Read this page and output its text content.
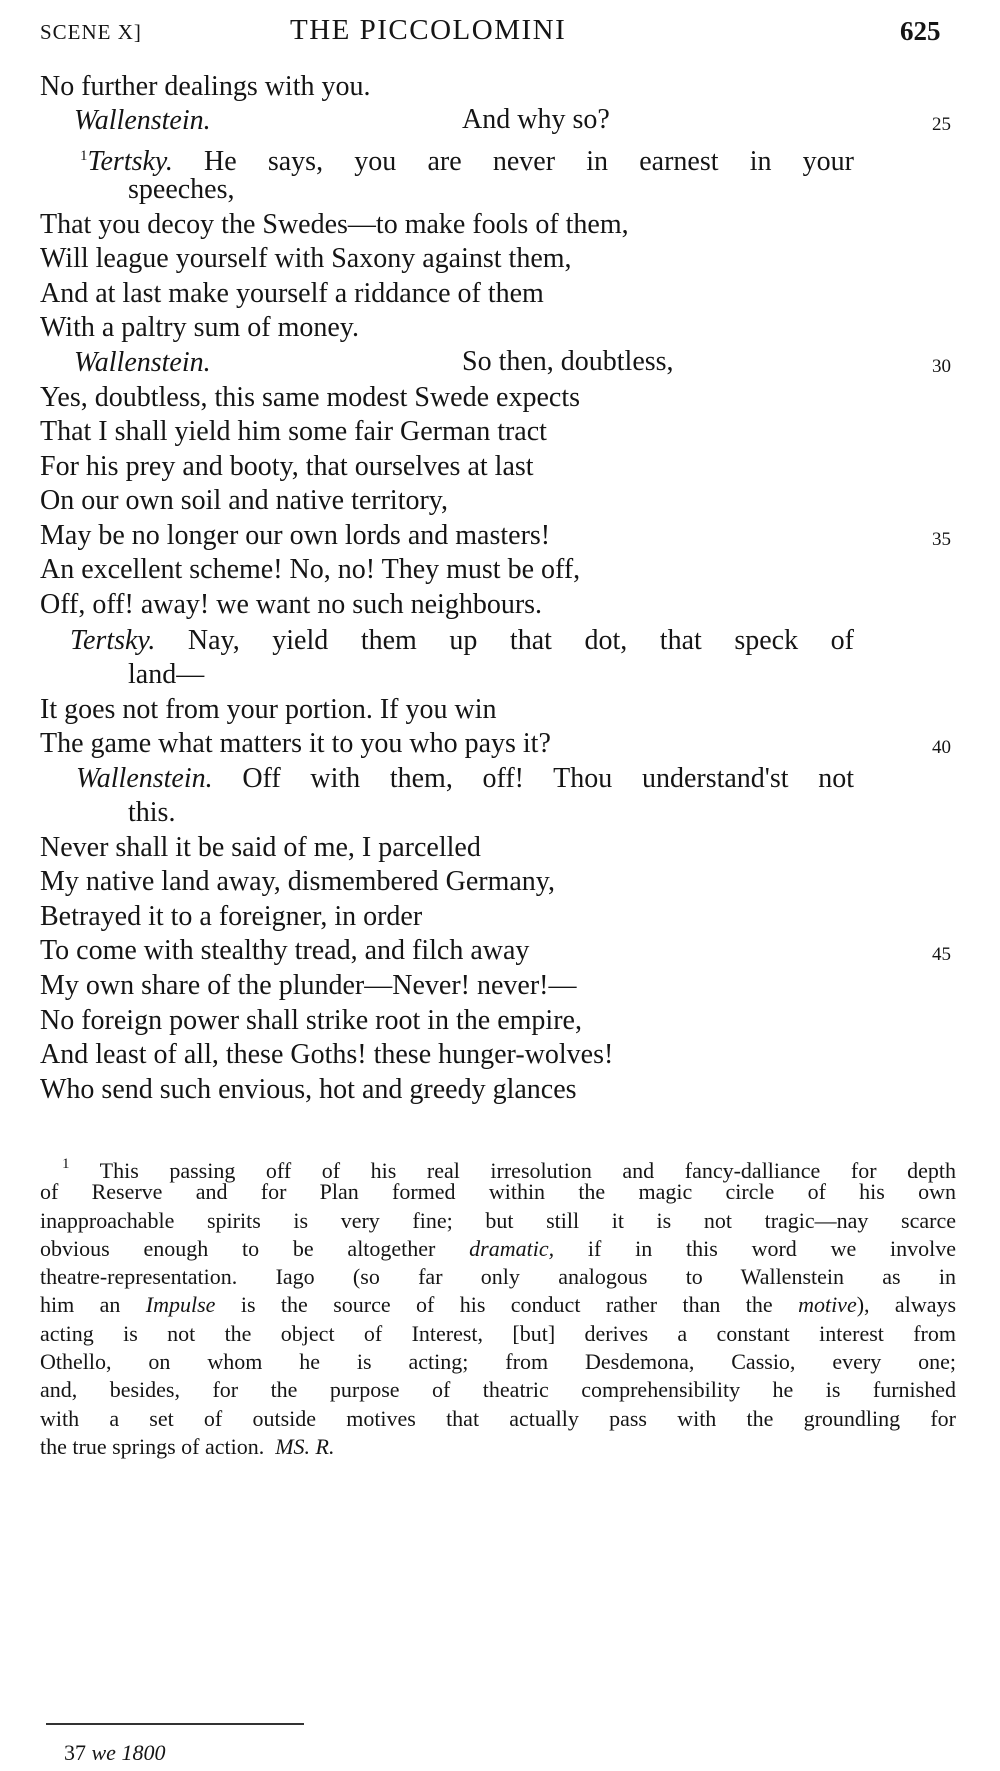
SCENE X]	THE PICCOLOMINI	625
No further dealings with you.
Wallenstein.	And why so?	25
$^1$Tertsky. He says, you are never in earnest in your
speeches,
That you decoy the Swedes—to make fools of them,
Will league yourself with Saxony against them,
And at last make yourself a riddance of them
With a paltry sum of money.
Wallenstein.	So then, doubtless,	30
Yes, doubtless, this same modest Swede expects
That I shall yield him some fair German tract
For his prey and booty, that ourselves at last
On our own soil and native territory,
May be no longer our own lords and masters!	35
An excellent scheme! No, no! They must be off,
Off, off! away! we want no such neighbours.
Tertsky. Nay, yield them up that dot, that speck of
land—
It goes not from your portion. If you win
The game what matters it to you who pays it?	40
Wallenstein. Off with them, off! Thou understand'st not
this.
Never shall it be said of me, I parcelled
My native land away, dismembered Germany,
Betrayed it to a foreigner, in order
To come with stealthy tread, and filch away	45
My own share of the plunder—Never! never!—
No foreign power shall strike root in the empire,
And least of all, these Goths! these hunger-wolves!
Who send such envious, hot and greedy glances
$^1$ This passing off of his real irresolution and fancy-dalliance for depth
of Reserve and for Plan formed within the magic circle of his own
inapproachable spirits is very fine; but still it is not tragic—nay scarce
obvious enough to be altogether dramatic, if in this word we involve
theatre-representation. Iago (so far only analogous to Wallenstein as in
him an Impulse is the source of his conduct rather than the motive), always
acting is not the object of Interest, [but] derives a constant interest from
Othello, on whom he is acting; from Desdemona, Cassio, every one;
and, besides, for the purpose of theatric comprehensibility he is furnished
with a set of outside motives that actually pass with the groundling for
the true springs of action. MS. R.
37 we 1800
